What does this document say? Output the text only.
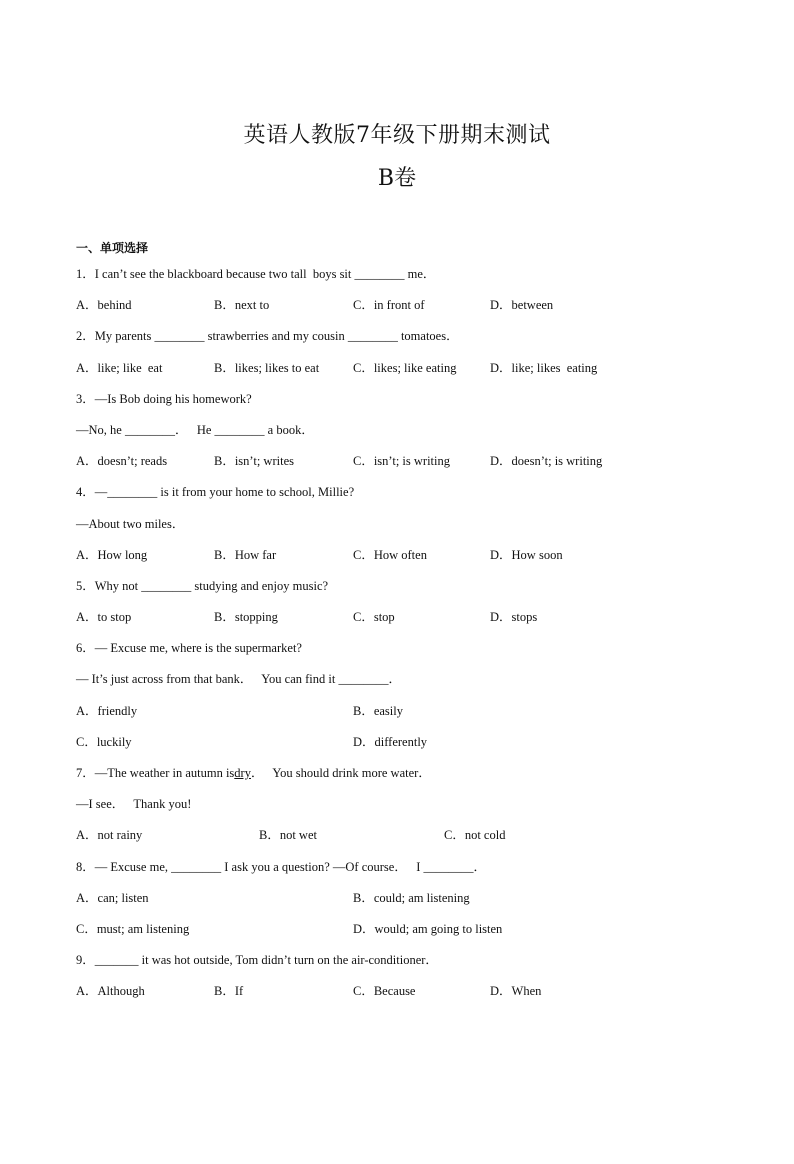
英语人教版7年级下册期末测试
B卷
一、单项选择
1．I can’t see the blackboard because two tall  boys sit ________ me．

A．behind

	B．next to

	C．in front of

	D．between

2．My parents ________ strawberries and my cousin ________ tomatoes．

A．like; like  eat

	B．likes; likes to eat

	C．likes; like eating

	D．like; likes  eating

3．—Is Bob doing his homework?
—No, he ________．   He ________ a book．

A．doesn’t; reads

	B．isn’t; writes

	C．isn’t; is writing

	D．doesn’t; is writing

4．—________ is it from your home to school, Millie?
—About two miles．

A．How long

	B．How far

	C．How often

	D．How soon

5．Why not ________ studying and enjoy music?

A．to stop

	B．stopping

	C．stop

	D．stops

6．— Excuse me, where is the supermarket?
— It’s just across from that bank．   You can find it ________．

A．friendly

	B．easily

C．luckily

	D．differently

7．—The weather in autumn isdry．   You should drink more water．
—I see．   Thank you!

A．not rainy

	B．not wet

	C．not cold

8．— Excuse me, ________ I ask you a question? —Of course．   I ________．

A．can; listen

	B．could; am listening

C．must; am listening

	D．would; am going to listen

9．_______ it was hot outside, Tom didn’t turn on the air-conditioner．

A．Although

	B．If

	C．Because

	D．When
